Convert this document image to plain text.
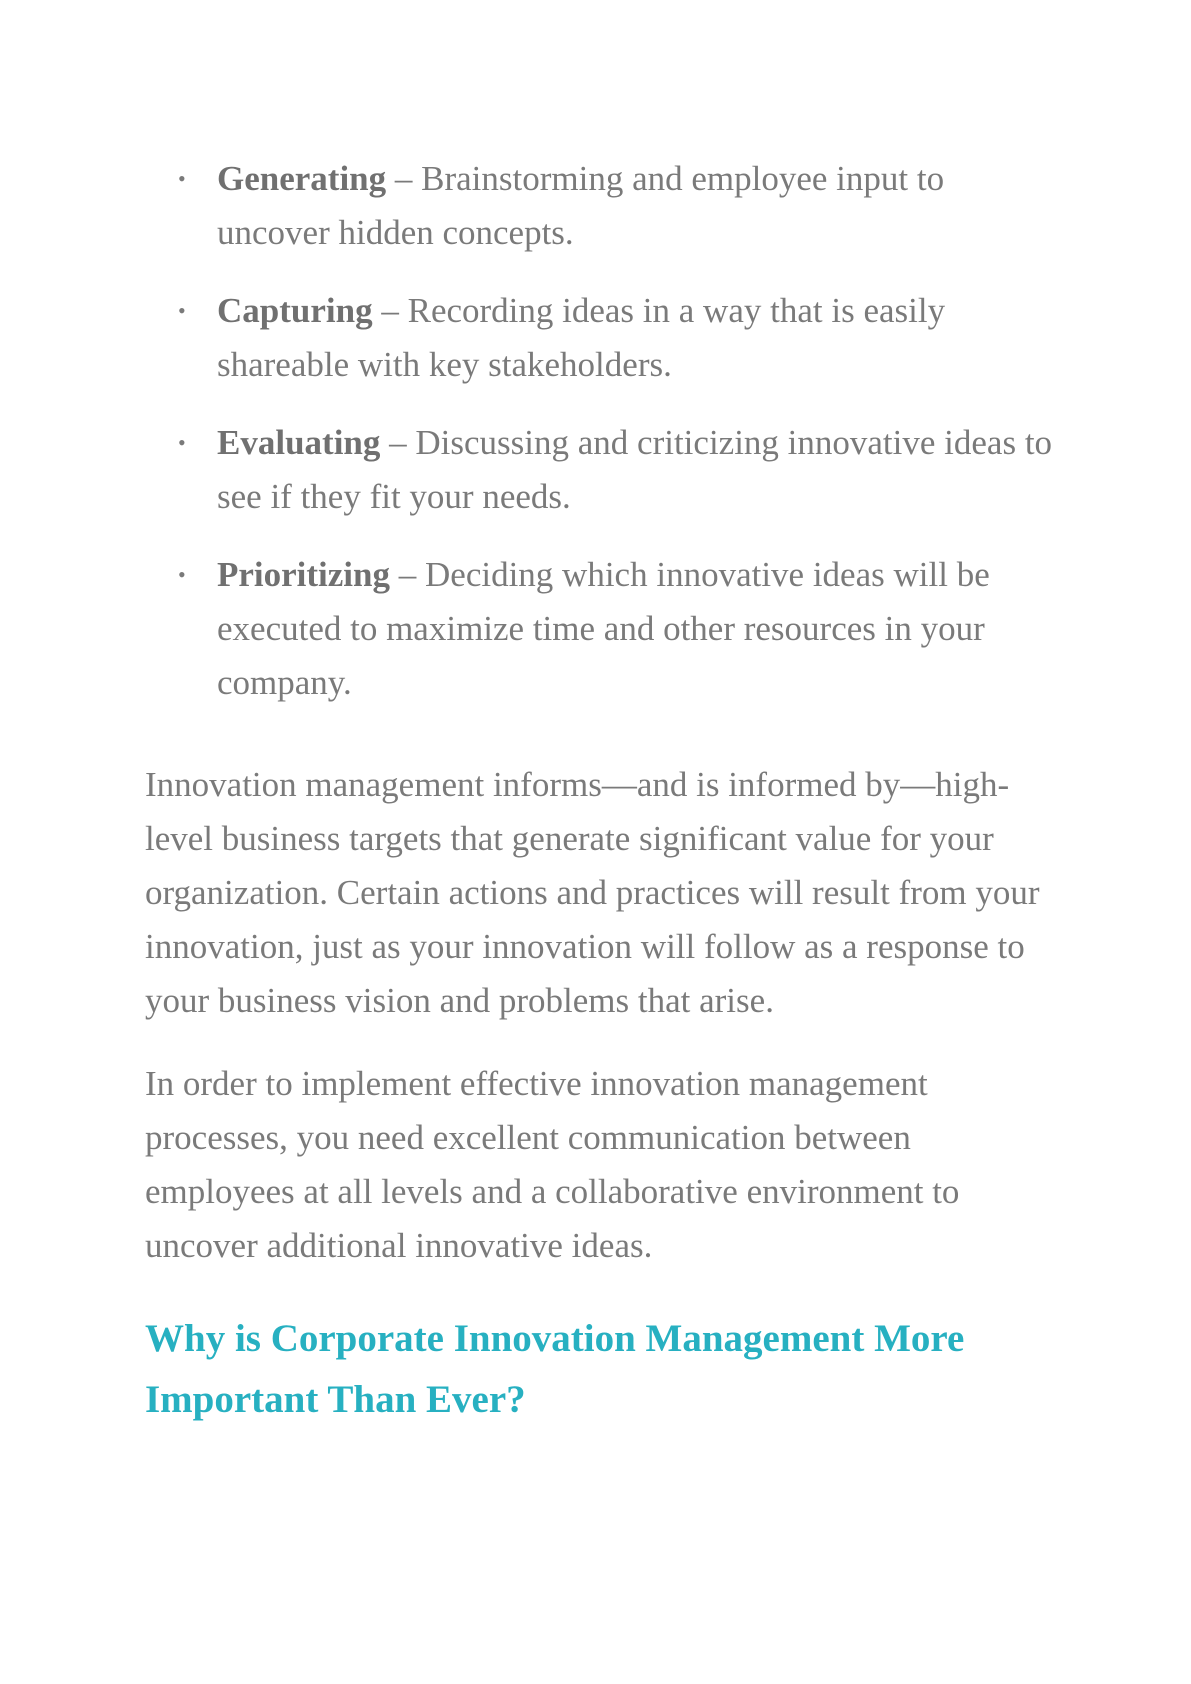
• Generating – Brainstorming and employee input to uncover hidden concepts.
• Capturing – Recording ideas in a way that is easily shareable with key stakeholders.
• Evaluating – Discussing and criticizing innovative ideas to see if they fit your needs.
• Prioritizing – Deciding which innovative ideas will be executed to maximize time and other resources in your company.

Innovation management informs—and is informed by—high-level business targets that generate significant value for your organization. Certain actions and practices will result from your innovation, just as your innovation will follow as a response to your business vision and problems that arise.

In order to implement effective innovation management processes, you need excellent communication between employees at all levels and a collaborative environment to uncover additional innovative ideas.

Why is Corporate Innovation Management More Important Than Ever?
